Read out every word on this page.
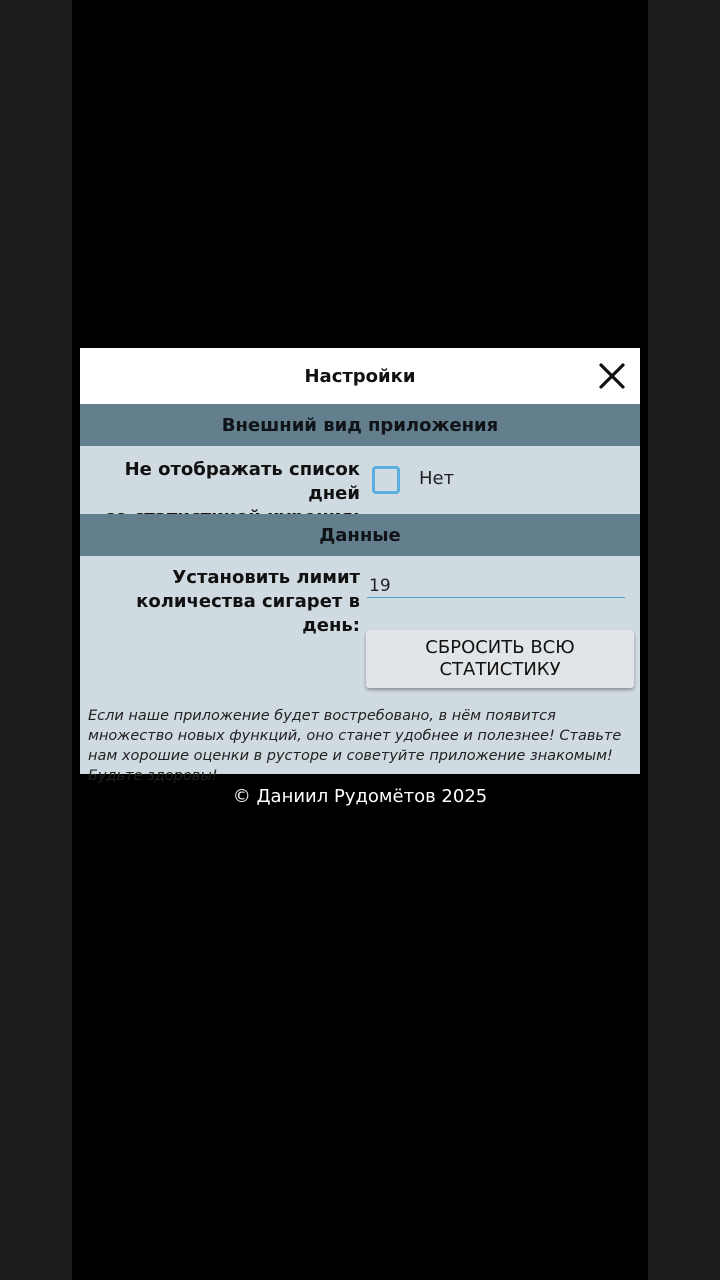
Настройки
Внешний вид приложения
Не отображать список дней
Нет
Данные
Установить лимит
количества сигарет в день:
19
СБРОСИТЬ ВСЮ
СТАТИСТИКУ
Если наше приложение будет востребовано, в нём появится множество новых функций, оно станет удобнее и полезнее! Ставьте нам хорошие оценки в русторе и советуйте приложение знакомым! Будьте здоровы!
© Даниил Рудомётов 2025
